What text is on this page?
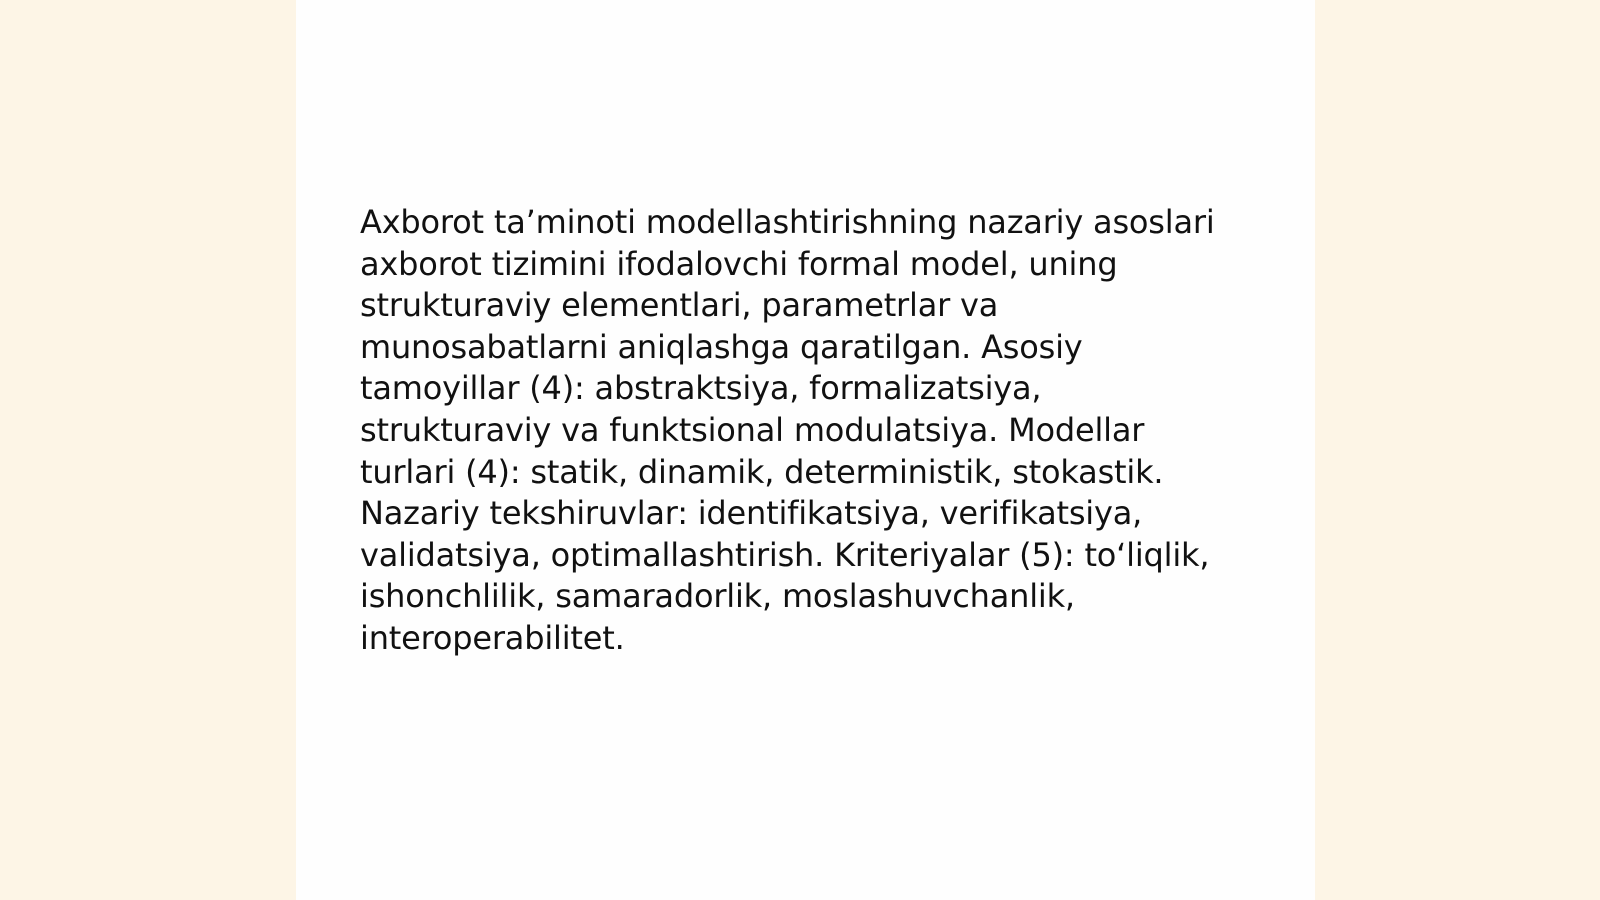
Axborot ta’minoti modellashtirishning nazariy asoslari
axborot tizimini ifodalovchi formal model, uning
strukturaviy elementlari, parametrlar va
munosabatlarni aniqlashga qaratilgan. Asosiy
tamoyillar (4): abstraktsiya, formalizatsiya,
strukturaviy va funktsional modulatsiya. Modellar
turlari (4): statik, dinamik, deterministik, stokastik.
Nazariy tekshiruvlar: identifikatsiya, verifikatsiya,
validatsiya, optimallashtirish. Kriteriyalar (5): to‘liqlik,
ishonchlilik, samaradorlik, moslashuvchanlik,
interoperabilitet.
